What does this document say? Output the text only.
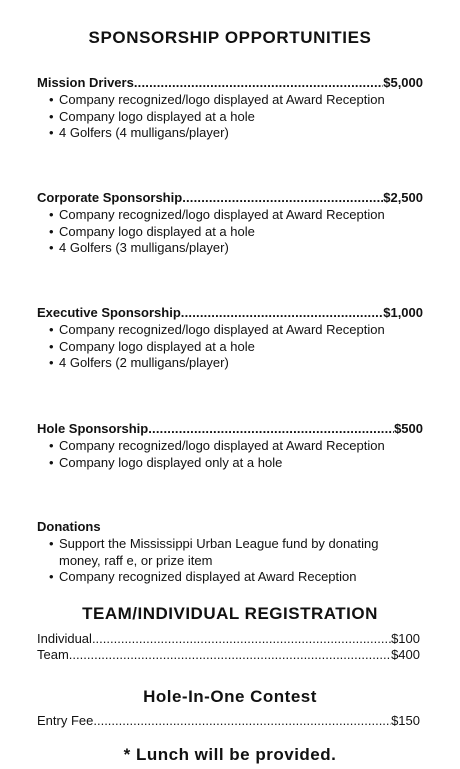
SPONSORSHIP OPPORTUNITIES
Mission Drivers .....	$5,000
• Company recognized/logo displayed at Award Reception
• Company logo displayed at a hole
• 4 Golfers (4 mulligans/player)
Corporate Sponsorship .....	$2,500
• Company recognized/logo displayed at Award Reception
• Company logo displayed at a hole
• 4 Golfers (3 mulligans/player)
Executive Sponsorship .....	$1,000
• Company recognized/logo displayed at Award Reception
• Company logo displayed at a hole
• 4 Golfers (2 mulligans/player)
Hole Sponsorship .....	$500
• Company recognized/logo displayed at Award Reception
• Company logo displayed only at a hole
Donations
• Support the Mississippi Urban League fund by donating money, raff e, or prize item
• Company recognized displayed at Award Reception
TEAM/INDIVIDUAL REGISTRATION
Individual .....	$100
Team .....	$400
Hole-In-One Contest
Entry Fee .....	$150
* Lunch will be provided.
